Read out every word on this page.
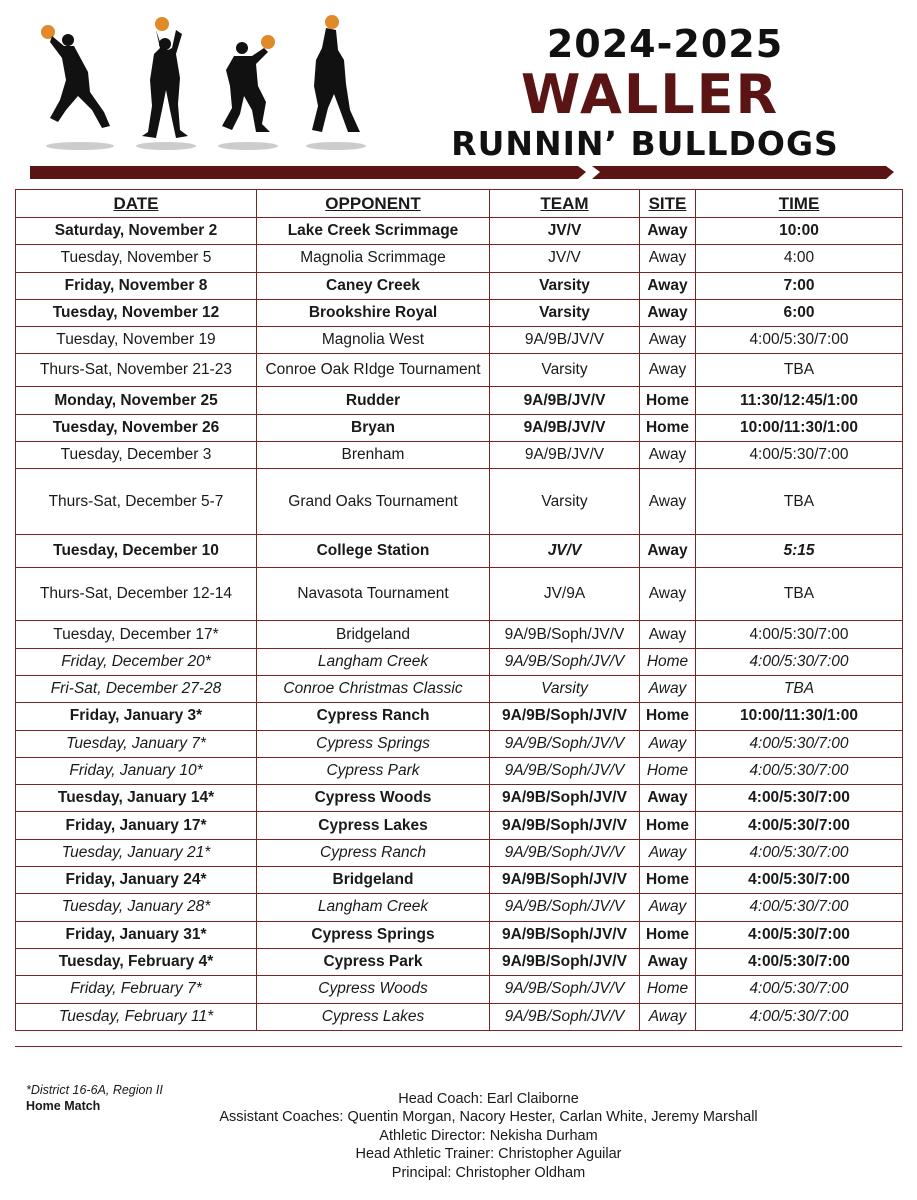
2024-2025
WALLER
RUNNIN’ BULLDOGS
DATE	OPPONENT	TEAM	SITE	TIME
Saturday, November 2	Lake Creek Scrimmage	JV/V	Away	10:00
Tuesday, November 5	Magnolia Scrimmage	JV/V	Away	4:00
Friday, November 8	Caney Creek	Varsity	Away	7:00
Tuesday, November 12	Brookshire Royal	Varsity	Away	6:00
Tuesday, November 19	Magnolia West	9A/9B/JV/V	Away	4:00/5:30/7:00
Thurs-Sat, November 21-23	Conroe Oak RIdge Tournament	Varsity	Away	TBA
Monday, November 25	Rudder	9A/9B/JV/V	Home	11:30/12:45/1:00
Tuesday, November 26	Bryan	9A/9B/JV/V	Home	10:00/11:30/1:00
Tuesday, December 3	Brenham	9A/9B/JV/V	Away	4:00/5:30/7:00
Thurs-Sat, December 5-7	Grand Oaks Tournament	Varsity	Away	TBA
Tuesday, December 10	College Station	JV/V	Away	5:15
Thurs-Sat, December 12-14	Navasota Tournament	JV/9A	Away	TBA
Tuesday, December 17*	Bridgeland	9A/9B/Soph/JV/V	Away	4:00/5:30/7:00
Friday, December 20*	Langham Creek	9A/9B/Soph/JV/V	Home	4:00/5:30/7:00
Fri-Sat, December 27-28	Conroe Christmas Classic	Varsity	Away	TBA
Friday, January 3*	Cypress Ranch	9A/9B/Soph/JV/V	Home	10:00/11:30/1:00
Tuesday, January 7*	Cypress Springs	9A/9B/Soph/JV/V	Away	4:00/5:30/7:00
Friday, January 10*	Cypress Park	9A/9B/Soph/JV/V	Home	4:00/5:30/7:00
Tuesday, January 14*	Cypress Woods	9A/9B/Soph/JV/V	Away	4:00/5:30/7:00
Friday, January 17*	Cypress Lakes	9A/9B/Soph/JV/V	Home	4:00/5:30/7:00
Tuesday, January 21*	Cypress Ranch	9A/9B/Soph/JV/V	Away	4:00/5:30/7:00
Friday, January 24*	Bridgeland	9A/9B/Soph/JV/V	Home	4:00/5:30/7:00
Tuesday, January 28*	Langham Creek	9A/9B/Soph/JV/V	Away	4:00/5:30/7:00
Friday, January 31*	Cypress Springs	9A/9B/Soph/JV/V	Home	4:00/5:30/7:00
Tuesday, February 4*	Cypress Park	9A/9B/Soph/JV/V	Away	4:00/5:30/7:00
Friday, February 7*	Cypress Woods	9A/9B/Soph/JV/V	Home	4:00/5:30/7:00
Tuesday, February 11*	Cypress Lakes	9A/9B/Soph/JV/V	Away	4:00/5:30/7:00
*District 16-6A, Region II
Home Match	Head Coach: Earl Claiborne
Assistant Coaches: Quentin Morgan, Nacory Hester, Carlan White, Jeremy Marshall
Athletic Director: Nekisha Durham
Head Athletic Trainer: Christopher Aguilar
Principal: Christopher Oldham
